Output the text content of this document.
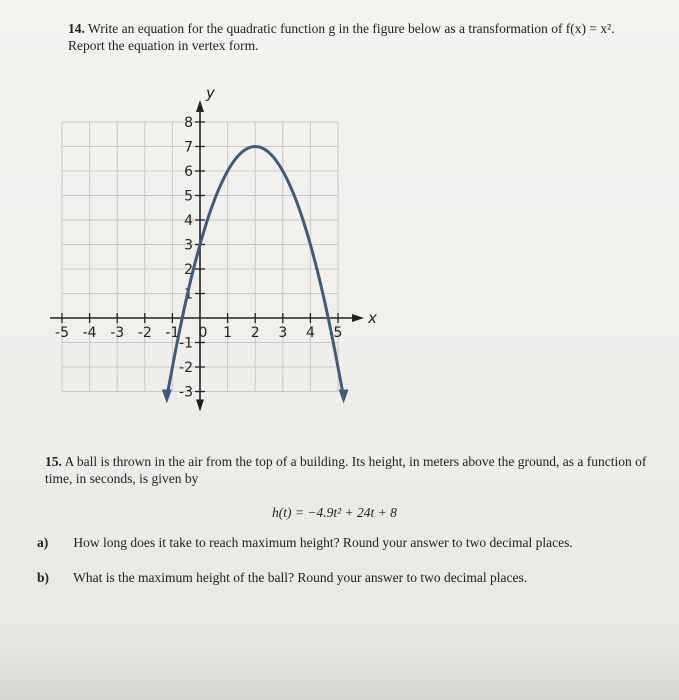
14. Write an equation for the quadratic function g in the figure below as a transformation of f(x) = x². Report the equation in vertex form.
-5 -4 -3 -2 -1 0 1 2 3 4 5
8
7
6
5
4
3
2
1
-1
-2
-3
y
x
15. A ball is thrown in the air from the top of a building. Its height, in meters above the ground, as a function of time, in seconds, is given by
h(t) = −4.9t² + 24t + 8
a) How long does it take to reach maximum height? Round your answer to two decimal places.
b) What is the maximum height of the ball? Round your answer to two decimal places.
